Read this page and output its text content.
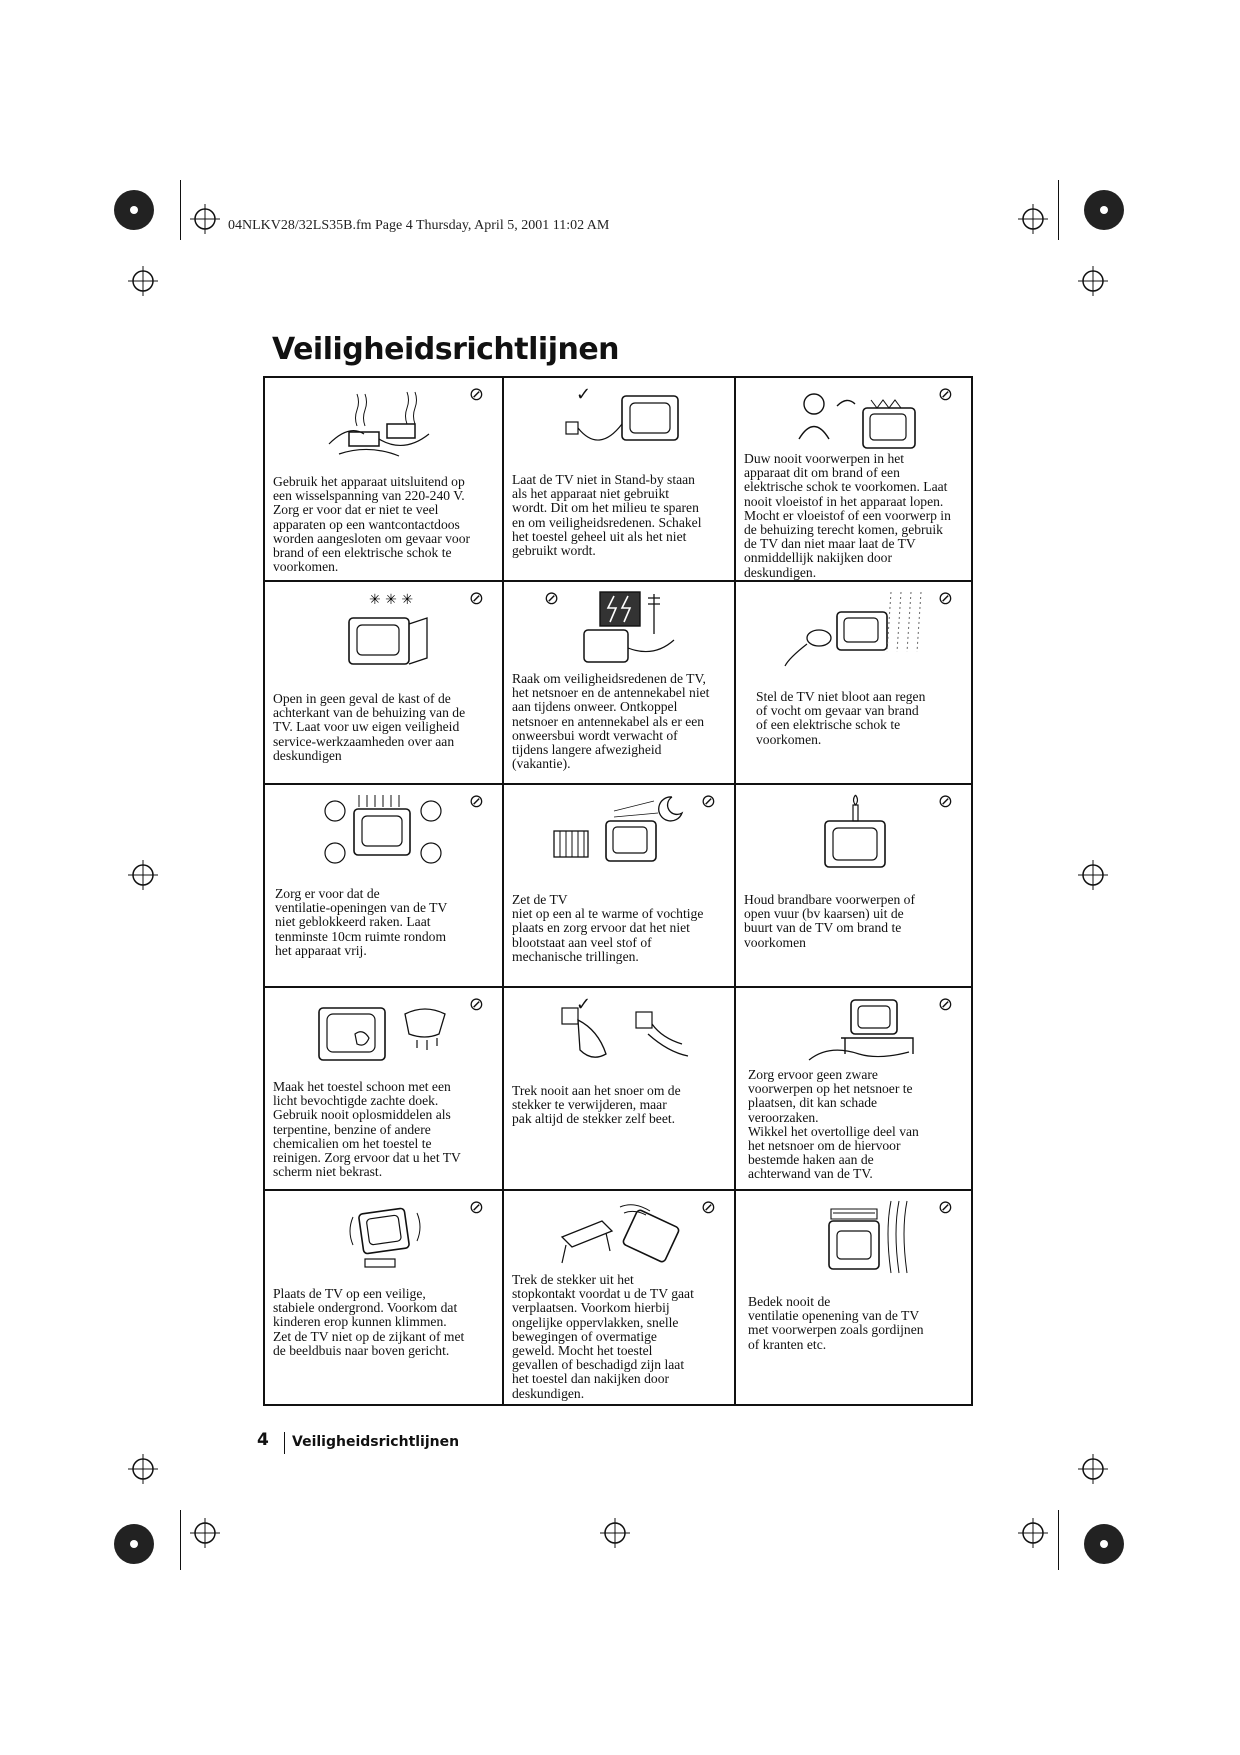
04NLKV28/32LS35B.fm Page 4 Thursday, April 5, 2001 11:02 AM
Veiligheidsrichtlijnen
⊘
Gebruik het apparaat uitsluitend op
een wisselspanning van 220-240 V.
Zorg er voor dat er niet te veel
apparaten op een wantcontactdoos
worden aangesloten om gevaar voor
brand of een elektrische schok te
voorkomen.
✓
Laat de TV niet in Stand-by staan
als het apparaat niet gebruikt
wordt. Dit om het milieu te sparen
en om veiligheidsredenen. Schakel
het toestel geheel uit als het niet
gebruikt wordt.
⊘
Duw nooit voorwerpen in het
apparaat dit om brand of een
elektrische schok te voorkomen. Laat
nooit vloeistof in het apparaat lopen.
Mocht er vloeistof of een voorwerp in
de behuizing terecht komen, gebruik
de TV dan niet maar laat de TV
onmiddellijk nakijken door
deskundigen.
✳ ✳ ✳	⊘
Open in geen geval de kast of de
achterkant van de behuizing van de
TV. Laat voor uw eigen veiligheid
service-werkzaamheden over aan
deskundigen
⊘
Raak om veiligheidsredenen de TV,
het netsnoer en de antennekabel niet
aan tijdens onweer. Ontkoppel
netsnoer en antennekabel als er een
onweersbui wordt verwacht of
tijdens langere afwezigheid
(vakantie).
⊘
Stel de TV niet bloot aan regen
of vocht om gevaar van brand
of een elektrische schok te
voorkomen.
⊘
Zorg er voor dat de
ventilatie-openingen van de TV
niet geblokkeerd raken. Laat
tenminste 10cm ruimte rondom
het apparaat vrij.
⊘
Zet de TV
niet op een al te warme of vochtige
plaats en zorg ervoor dat het niet
blootstaat aan veel stof of
mechanische trillingen.
⊘
Houd brandbare voorwerpen of
open vuur (bv kaarsen) uit de
buurt van de TV om brand te
voorkomen
⊘
Maak het toestel schoon met een
licht bevochtigde zachte doek.
Gebruik nooit oplosmiddelen als
terpentine, benzine of andere
chemicalien om het toestel te
reinigen. Zorg ervoor dat u het TV
scherm niet bekrast.
✓
Trek nooit aan het snoer om de
stekker te verwijderen, maar
pak altijd de stekker zelf beet.
⊘
Zorg ervoor geen zware
voorwerpen op het netsnoer te
plaatsen, dit kan schade
veroorzaken.
Wikkel het overtollige deel van
het netsnoer om de hiervoor
bestemde haken aan de
achterwand van de TV.
⊘
Plaats de TV op een veilige,
stabiele ondergrond. Voorkom dat
kinderen erop kunnen klimmen.
Zet de TV niet op de zijkant of met
de beeldbuis naar boven gericht.
⊘
Trek de stekker uit het
stopkontakt voordat u de TV gaat
verplaatsen. Voorkom hierbij
ongelijke oppervlakken, snelle
bewegingen of overmatige
geweld. Mocht het toestel
gevallen of beschadigd zijn laat
het toestel dan nakijken door
deskundigen.
⊘
Bedek nooit de
ventilatie openening van de TV
met voorwerpen zoals gordijnen
of kranten etc.
4 Veiligheidsrichtlijnen
